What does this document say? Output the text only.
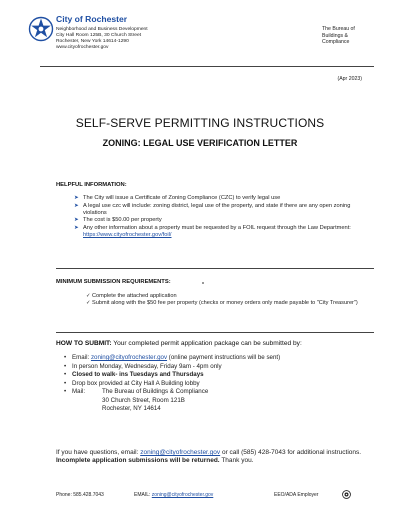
City of Rochester
Neighborhood and Business Development
City Hall Room 125B, 30 Church Street
Rochester, New York 14614-1290
www.cityofrochester.gov
The Bureau of
Buildings &
Compliance
(Apr 2023)
SELF-SERVE PERMITTING INSTRUCTIONS
ZONING: LEGAL USE VERIFICATION LETTER
HELPFUL INFORMATION:
➤ The City will issue a Certificate of Zoning Compliance (CZC) to verify legal use
➤ A legal use czc will include: zoning district, legal use of the property, and state if there are any open zoning violations
➤ The cost is $50.00 per property
➤ Any other information about a property must be requested by a FOIL request through the Law Department: https://www.cityofrochester.gov/foil/
MINIMUM SUBMISSION REQUIREMENTS:
✓ Complete the attached application
✓ Submit along with the $50 fee per property (checks or money orders only made payable to "City Treasurer")
HOW TO SUBMIT: Your completed permit application package can be submitted by:
• Email: zoning@cityofrochester.gov (online payment instructions will be sent)
• In person Monday, Wednesday, Friday 9am - 4pm only
• Closed to walk- ins Tuesdays and Thursdays
• Drop box provided at City Hall A Building lobby
• Mail:	The Bureau of Buildings & Compliance
30 Church Street, Room 121B
Rochester, NY 14614
If you have questions, email: zoning@cityofrochester.gov or call (585) 428-7043 for additional instructions. Incomplete application submissions will be returned. Thank you.
Phone: 585.428.7043	EMAIL: zoning@cityofrochester.gov	EEO/ADA Employer
